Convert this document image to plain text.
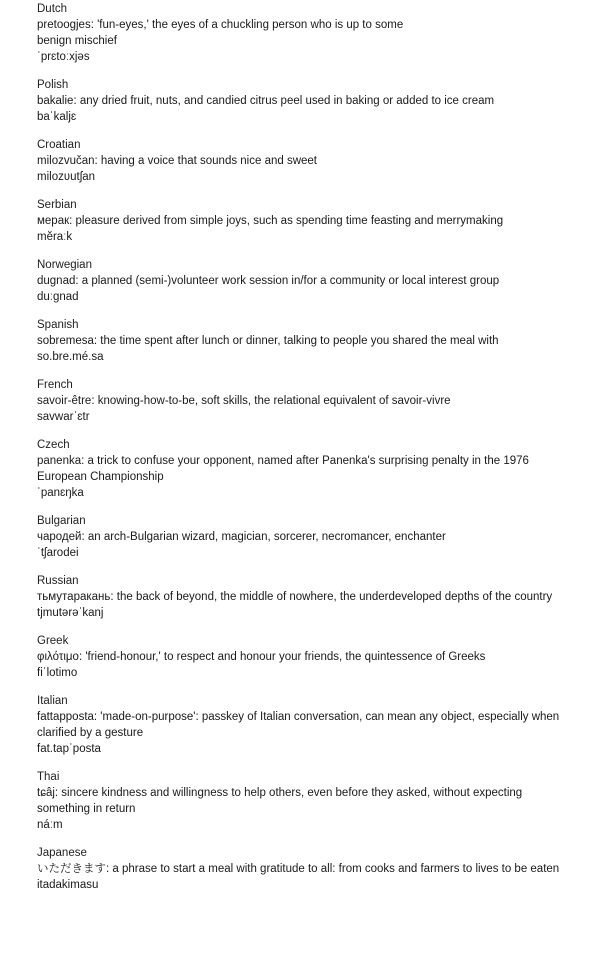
Dutch
pretoogjes: 'fun-eyes,' the eyes of a chuckling person who is up to some benign mischief
ˈprɛtoːxjəs
Polish
bakalie: any dried fruit, nuts, and candied citrus peel used in baking or added to ice cream
baˈkaljɛ
Croatian
milozvučan: having a voice that sounds nice and sweet
milozʋutʃan
Serbian
мерак: pleasure derived from simple joys, such as spending time feasting and merrymaking
mĕraːk
Norwegian
dugnad: a planned (semi-)volunteer work session in/for a community or local interest group
duːgnad
Spanish
sobremesa: the time spent after lunch or dinner, talking to people you shared the meal with
so.bre.mé.sa
French
savoir-être: knowing-how-to-be, soft skills, the relational equivalent of savoir-vivre
savwarˈɛtr
Czech
panenka: a trick to confuse your opponent, named after Panenka's surprising penalty in the 1976 European Championship
ˈpanɛŋka
Bulgarian
чародей: an arch-Bulgarian wizard, magician, sorcerer, necromancer, enchanter
ˈtʃarodei
Russian
тьмутаракань: the back of beyond, the middle of nowhere, the underdeveloped depths of the country
tjmutərəˈkanj
Greek
φιλότιμο: 'friend-honour,' to respect and honour your friends, the quintessence of Greeks
fiˈlotimo
Italian
fattapposta: 'made-on-purpose': passkey of Italian conversation, can mean any object, especially when clarified by a gesture
fat.tapˈposta
Thai
tɕâj: sincere kindness and willingness to help others, even before they asked, without expecting something in return
náːm
Japanese
いただきます: a phrase to start a meal with gratitude to all: from cooks and farmers to lives to be eaten
itadakimasu
